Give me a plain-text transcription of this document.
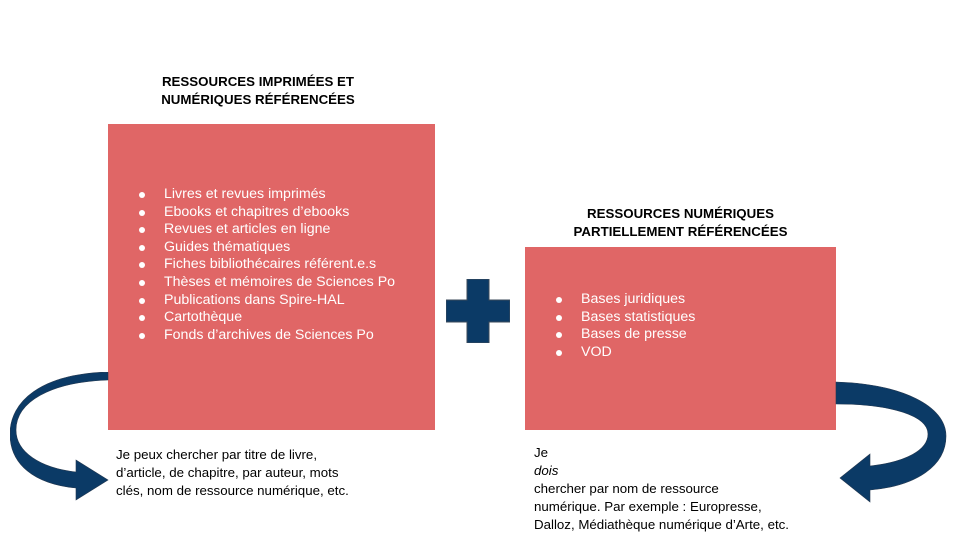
RESSOURCES IMPRIMÉES ET
NUMÉRIQUES RÉFÉRENCÉES
Livres et revues imprimés
Ebooks et chapitres d’ebooks
Revues et articles en ligne
Guides thématiques
Fiches bibliothécaires référent.e.s
Thèses et mémoires de Sciences Po
Publications dans Spire-HAL
Cartothèque
Fonds d’archives de Sciences Po
Je peux chercher par titre de livre,
d’article, de chapitre, par auteur, mots
clés, nom de ressource numérique, etc.
RESSOURCES NUMÉRIQUES
PARTIELLEMENT RÉFÉRENCÉES
Bases juridiques
Bases statistiques
Bases de presse
VOD
Je
dois
chercher par nom de ressource
numérique. Par exemple : Europresse,
Dalloz, Médiathèque numérique d’Arte, etc.
